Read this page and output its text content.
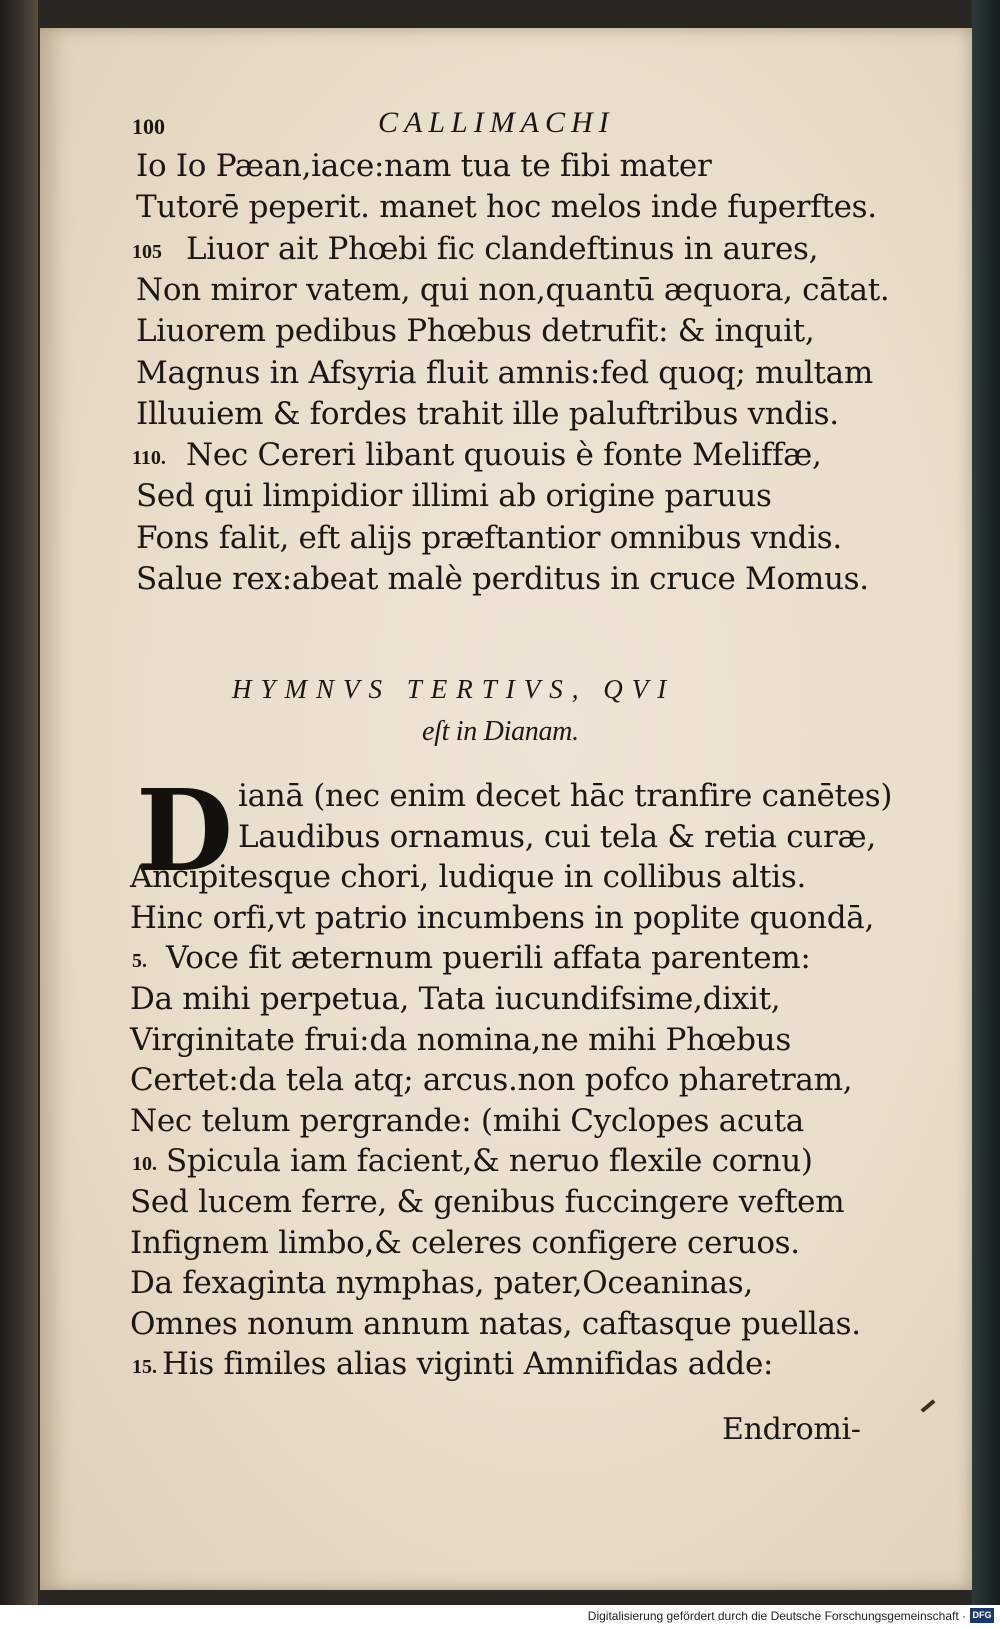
100	CALLIMACHI
Io Io Pæan,iace:nam tua te fibi mater
Tutorē peperit. manet hoc melos inde fuperftes.
105 Liuor ait Phœbi fic clandeftinus in aures,
Non miror vatem, qui non,quantū æquora, cātat.
Liuorem pedibus Phœbus detrufit: & inquit,
Magnus in Afsyria fluit amnis:fed quoq; multam
Illuuiem & fordes trahit ille paluftribus vndis.
110. Nec Cereri libant quouis è fonte Meliffæ,
Sed qui limpidior illimi ab origine paruus
Fons falit, eft alijs præftantior omnibus vndis.
Salue rex:abeat malè perditus in cruce Momus.
HYMNVS TERTIVS, QVI
eſt in Dianam.
D ianā (nec enim decet hāc tranfire canētes)
Laudibus ornamus, cui tela & retia curæ,
Ancipitesque chori, ludique in collibus altis.
Hinc orfi,vt patrio incumbens in poplite quondā,
5. Voce fit æternum puerili affata parentem:
Da mihi perpetua, Tata iucundifsime,dixit,
Virginitate frui:da nomina,ne mihi Phœbus
Certet:da tela atq; arcus.non pofco pharetram,
Nec telum pergrande: (mihi Cyclopes acuta
10. Spicula iam facient,& neruo flexile cornu)
Sed lucem ferre, & genibus fuccingere veftem
Infignem limbo,& celeres configere ceruos.
Da fexaginta nymphas, pater,Oceaninas,
Omnes nonum annum natas, caftasque puellas.
15. His fimiles alias viginti Amnifidas adde:
Endromi-
Digitalisierung gefördert durch die Deutsche Forschungsgemeinschaft · DFG
